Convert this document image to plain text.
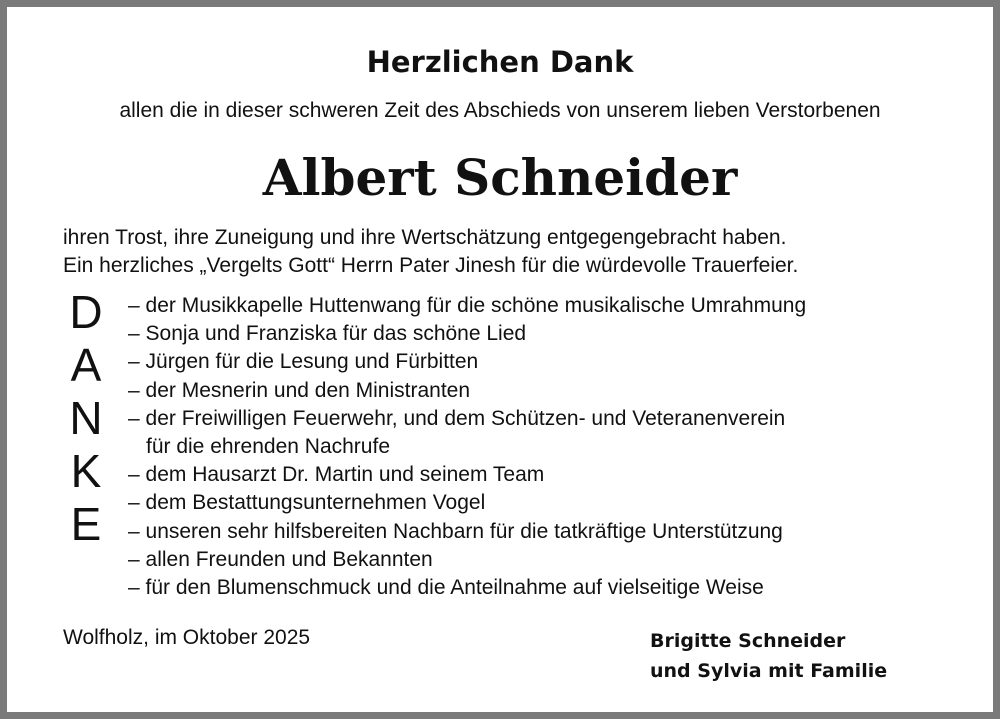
Herzlichen Dank
allen die in dieser schweren Zeit des Abschieds von unserem lieben Verstorbenen
Albert Schneider
ihren Trost, ihre Zuneigung und ihre Wertschätzung entgegengebracht haben.
Ein herzliches „Vergelts Gott“ Herrn Pater Jinesh für die würdevolle Trauerfeier.
D
A
N
K
E
– der Musikkapelle Huttenwang für die schöne musikalische Umrahmung
– Sonja und Franziska für das schöne Lied
– Jürgen für die Lesung und Fürbitten
– der Mesnerin und den Ministranten
– der Freiwilligen Feuerwehr, und dem Schützen- und Veteranenverein
für die ehrenden Nachrufe
– dem Hausarzt Dr. Martin und seinem Team
– dem Bestattungsunternehmen Vogel
– unseren sehr hilfsbereiten Nachbarn für die tatkräftige Unterstützung
– allen Freunden und Bekannten
– für den Blumenschmuck und die Anteilnahme auf vielseitige Weise
Wolfholz, im Oktober 2025	Brigitte Schneider
und Sylvia mit Familie
